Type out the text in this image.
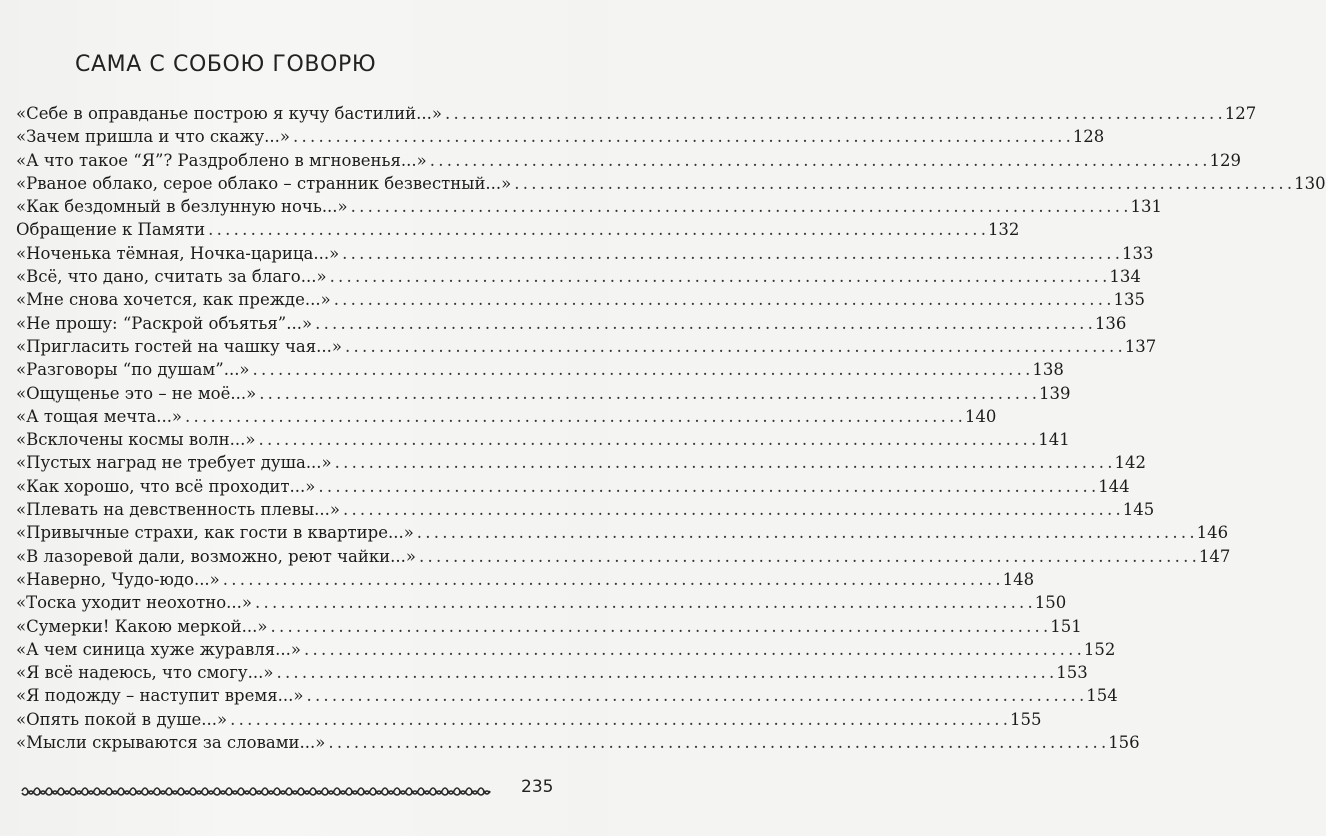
САМА С СОБОЮ ГОВОРЮ
«Себе в оправданье построю я кучу бастилий...» . . .	127
«Зачем пришла и что скажу...» . . .	128
«А что такое “Я”? Раздроблено в мгновенья...» . . .	129
«Рваное облако, серое облако – странник безвестный...» . . .	130
«Как бездомный в безлунную ночь...» . . .	131
Обращение к Памяти . . .	132
«Ноченька тёмная, Ночка-царица...» . . .	133
«Всё, что дано, считать за благо...» . . .	134
«Мне снова хочется, как прежде...» . . .	135
«Не прошу: “Раскрой объятья”...» . . .	136
«Пригласить гостей на чашку чая...» . . .	137
«Разговоры “по душам”...» . . .	138
«Ощущенье это – не моё...» . . .	139
«А тощая мечта...» . . .	140
«Всклочены космы волн...» . . .	141
«Пустых наград не требует душа...» . . .	142
«Как хорошо, что всё проходит...» . . .	144
«Плевать на девственность плевы...» . . .	145
«Привычные страхи, как гости в квартире...» . . .	146
«В лазоревой дали, возможно, реют чайки...» . . .	147
«Наверно, Чудо-юдо...» . . .	148
«Тоска уходит неохотно...» . . .	150
«Сумерки! Какою меркой...» . . .	151
«А чем синица хуже журавля...» . . .	152
«Я всё надеюсь, что смогу...» . . .	153
«Я подожду – наступит время...» . . .	154
«Опять покой в душе...» . . .	155
«Мысли скрываются за словами...» . . .	156
235
